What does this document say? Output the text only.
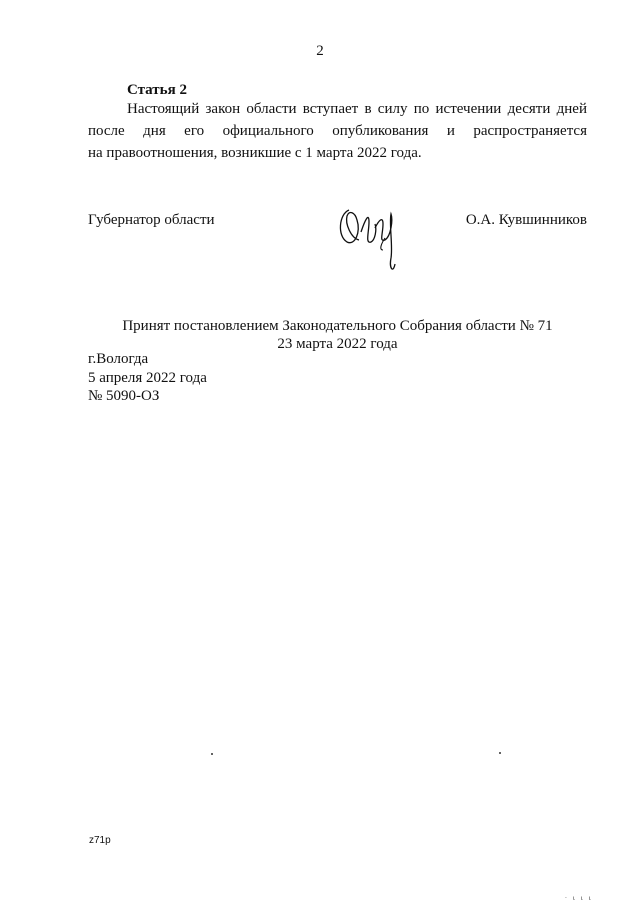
2
Статья 2
Настоящий закон области вступает в силу по истечении десяти дней
после дня его официального опубликования и распространяется
на правоотношения, возникшие с 1 марта 2022 года.
Губернатор области	О.А. Кувшинников
Принят постановлением Законодательного Собрания области № 71
23 марта 2022 года
г.Вологда
5 апреля 2022 года
№ 5090-ОЗ
z71p
· ι ι ι
